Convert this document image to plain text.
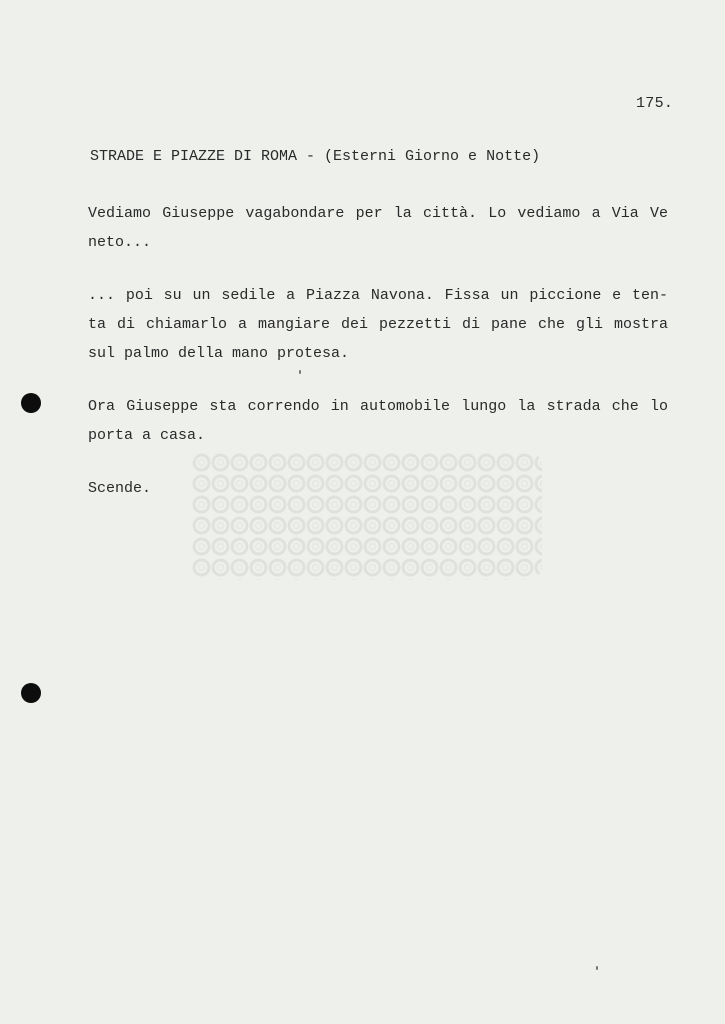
175.
STRADE E PIAZZE DI ROMA - (Esterni Giorno e Notte)
Vediamo Giuseppe vagabondare per la città. Lo vediamo a Via Ve
neto...
... poi su un sedile a Piazza Navona. Fissa un piccione e ten-
ta di chiamarlo a mangiare dei pezzetti di pane che gli mostra
sul palmo della mano protesa.
Ora Giuseppe sta correndo in automobile lungo la strada che lo
porta a casa.
Scende.
